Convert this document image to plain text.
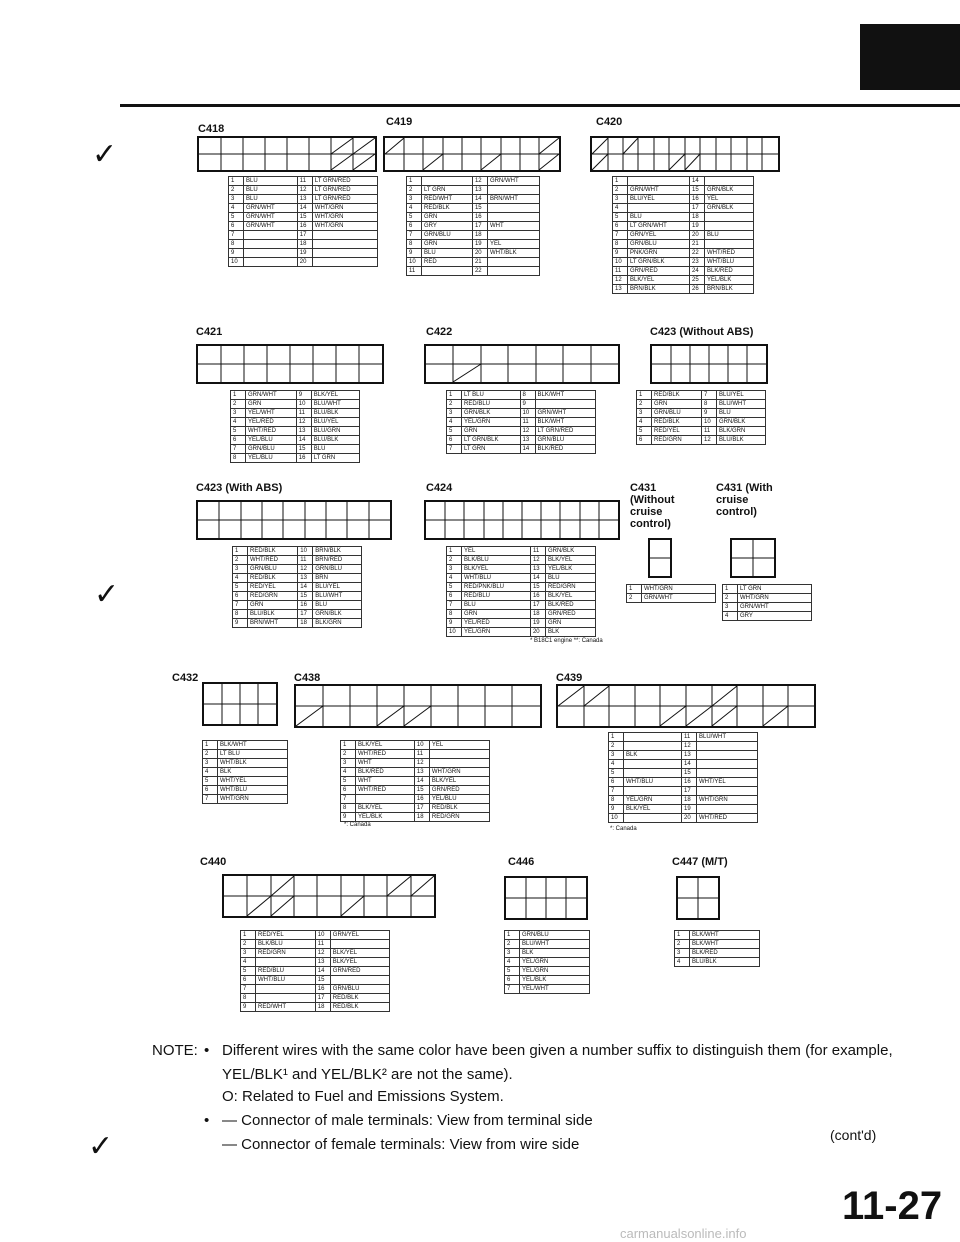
✓
✓
✓
C418
1	BLU	11	LT GRN/RED
2	BLU	12	LT GRN/RED
3	BLU	13	LT GRN/RED
4	GRN/WHT	14	WHT/GRN
5	GRN/WHT	15	WHT/GRN
6	GRN/WHT	16	WHT/GRN
7		17	
8		18	
9		19	
10		20	
C419
1		12	GRN/WHT
2	LT GRN	13	
3	RED/WHT	14	BRN/WHT
4	RED/BLK	15	
5	GRN	16	
6	GRY	17	WHT
7	GRN/BLU	18	
8	GRN	19	YEL
9	BLU	20	WHT/BLK
10	RED	21	
11		22	
C420
1		14	
2	GRN/WHT	15	GRN/BLK
3	BLU/YEL	16	YEL
4		17	GRN/BLK
5	BLU	18	
6	LT GRN/WHT	19	
7	GRN/YEL	20	BLU
8	GRN/BLU	21	
9	PNK/GRN	22	WHT/RED
10	LT GRN/BLK	23	WHT/BLU
11	GRN/RED	24	BLK/RED
12	BLK/YEL	25	YEL/BLK
13	BRN/BLK	26	BRN/BLK
C421
1	GRN/WHT	9	BLK/YEL
2	GRN	10	BLU/WHT
3	YEL/WHT	11	BLU/BLK
4	YEL/RED	12	BLU/YEL
5	WHT/RED	13	BLU/GRN
6	YEL/BLU	14	BLU/BLK
7	GRN/BLU	15	BLU
8	YEL/BLU	16	LT GRN
C422
1	LT BLU	8	BLK/WHT
2	RED/BLU	9	
3	GRN/BLK	10	GRN/WHT
4	YEL/GRN	11	BLK/WHT
5	GRN	12	LT GRN/RED
6	LT GRN/BLK	13	GRN/BLU
7	LT GRN	14	BLK/RED
C423 (Without ABS)
1	RED/BLK	7	BLU/YEL
2	GRN	8	BLU/WHT
3	GRN/BLU	9	BLU
4	RED/BLK	10	GRN/BLK
5	RED/YEL	11	BLK/GRN
6	RED/GRN	12	BLU/BLK
C423 (With ABS)
1	RED/BLK	10	BRN/BLK
2	WHT/RED	11	BRN/RED
3	GRN/BLU	12	GRN/BLU
4	RED/BLK	13	BRN
5	RED/YEL	14	BLU/YEL
6	RED/GRN	15	BLU/WHT
7	GRN	16	BLU
8	BLU/BLK	17	GRN/BLK
9	BRN/WHT	18	BLK/GRN
C424
1	YEL	11	GRN/BLK
2	BLK/BLU	12	BLK/YEL
3	BLK/YEL	13	YEL/BLK
4	WHT/BLU	14	BLU
5	RED/PNK/BLU	15	RED/GRN
6	RED/BLU	16	BLK/YEL
7	BLU	17	BLK/RED
8	GRN	18	GRN/RED
9	YEL/RED	19	GRN
10	YEL/GRN	20	BLK
* B18C1 engine **: Canada
C431 (Without cruise control)
1	WHT/GRN
2	GRN/WHT
C431 (With cruise control)
1	LT GRN
2	WHT/GRN
3	GRN/WHT
4	GRY
C432
1	BLK/WHT
2	LT BLU
3	WHT/BLK
4	BLK
5	WHT/YEL
6	WHT/BLU
7	WHT/GRN
C438
1	BLK/YEL	10	YEL
2	WHT/RED	11	
3	WHT	12	
4	BLK/RED	13	WHT/GRN
5	WHT	14	BLK/YEL
6	WHT/RED	15	GRN/RED
7		16	YEL/BLU
8	BLK/YEL	17	RED/BLK
9	YEL/BLK	18	RED/GRN
*: Canada
C439
1		11	BLU/WHT
2		12	
3	BLK	13	
4		14	
5		15	
6	WHT/BLU	16	WHT/YEL
7		17	
8	YEL/GRN	18	WHT/GRN
9	BLK/YEL	19	
10		20	WHT/RED
*: Canada
C440
1	RED/YEL	10	GRN/YEL
2	BLK/BLU	11	
3	RED/GRN	12	BLK/YEL
4		13	BLK/YEL
5	RED/BLU	14	GRN/RED
6	WHT/BLU	15	
7		16	GRN/BLU
8		17	RED/BLK
9	RED/WHT	18	RED/BLK
C446
1	GRN/BLU
2	BLU/WHT
3	BLK
4	YEL/GRN
5	YEL/GRN
6	YEL/BLK
7	YEL/WHT
C447 (M/T)
1	BLK/WHT
2	BLK/WHT
3	BLK/RED
4	BLU/BLK
NOTE: • Different wires with the same color have been given a number suffix to distinguish them (for example,
YEL/BLK¹ and YEL/BLK² are not the same).
O: Related to Fuel and Emissions System.
• — Connector of male terminals: View from terminal side
— Connector of female terminals: View from wire side
(cont'd)
11-27
carmanualsonline.info
